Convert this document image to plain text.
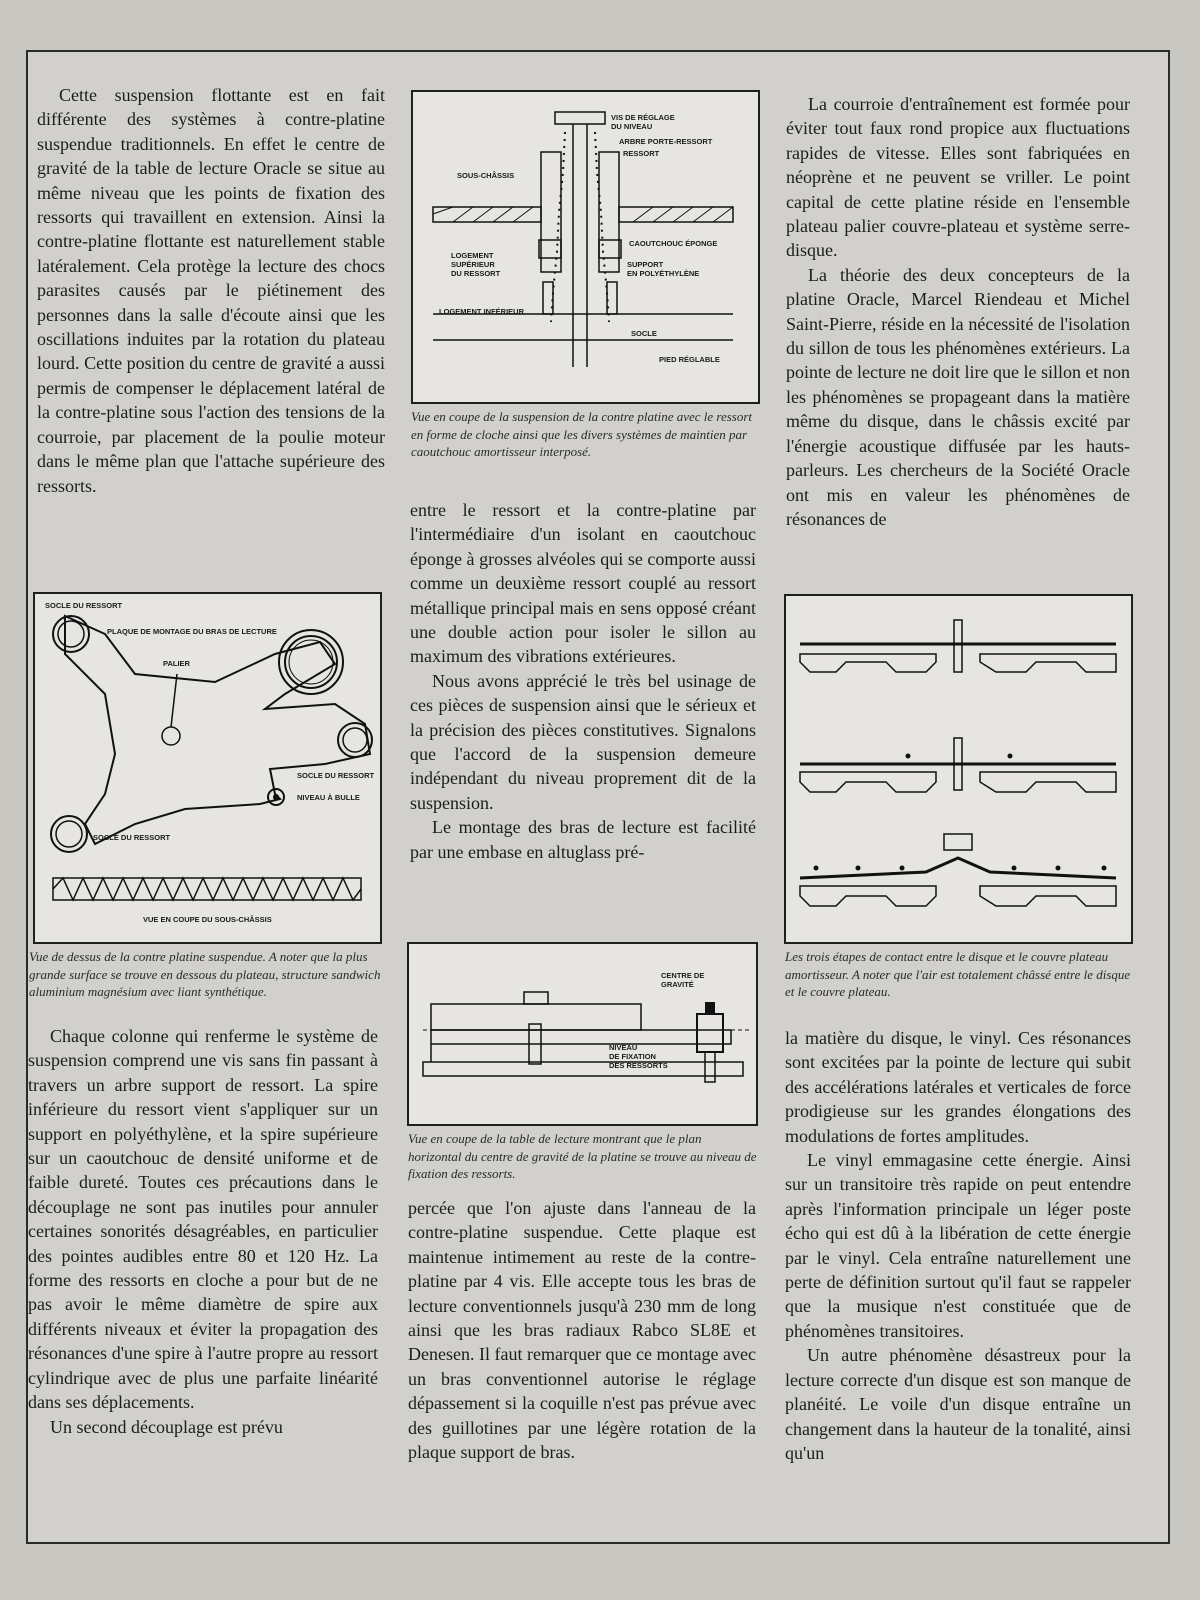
Cette suspension flottante est en fait différente des systèmes à contre-platine suspendue traditionnels. En effet le centre de gravité de la table de lecture Oracle se situe au même niveau que les points de fixation des ressorts qui travaillent en extension. Ainsi la contre-platine flottante est naturellement stable latéralement. Cela protège la lecture des chocs parasites causés par le piétinement des personnes dans la salle d'écoute ainsi que les oscillations induites par la rotation du plateau lourd. Cette position du centre de gravité a aussi permis de compenser le déplacement latéral de la contre-platine sous l'action des tensions de la courroie, par placement de la poulie moteur dans le même plan que l'attache supérieure des ressorts.

SOCLE DU RESSORT
PLAQUE DE MONTAGE DU BRAS DE LECTURE
PALIER
SOCLE DU RESSORT
NIVEAU À BULLE
SOCLE DU RESSORT
VUE EN COUPE DU SOUS-CHÂSSIS
Vue de dessus de la contre platine suspendue. A noter que la plus grande surface se trouve en dessous du plateau, structure sandwich aluminium magnésium avec liant synthétique.

Chaque colonne qui renferme le système de suspension comprend une vis sans fin passant à travers un arbre support de ressort. La spire inférieure du ressort vient s'appliquer sur un support en polyéthylène, et la spire supérieure sur un caoutchouc de densité uniforme et de faible dureté. Toutes ces précautions dans le découplage ne sont pas inutiles pour annuler certaines sonorités désagréables, en particulier des pointes audibles entre 80 et 120 Hz. La forme des ressorts en cloche a pour but de ne pas avoir le même diamètre de spire aux différents niveaux et éviter la propagation des résonances d'une spire à l'autre propre au ressort cylindrique avec de plus une parfaite linéarité dans ses déplacements.

Un second découplage est prévu

VIS DE RÉGLAGE
DU NIVEAU
ARBRE PORTE-RESSORT
RESSORT
SOUS-CHÂSSIS
CAOUTCHOUC ÉPONGE
LOGEMENT
SUPÉRIEUR
DU RESSORT
SUPPORT
EN POLYÉTHYLÈNE
LOGEMENT INFÉRIEUR
SOCLE
PIED RÉGLABLE
Vue en coupe de la suspension de la contre platine avec le ressort en forme de cloche ainsi que les divers systèmes de maintien par caoutchouc amortisseur interposé.

entre le ressort et la contre-platine par l'intermédiaire d'un isolant en caoutchouc éponge à grosses alvéoles qui se comporte aussi comme un deuxième ressort couplé au ressort métallique principal mais en sens opposé créant une double action pour isoler le sillon au maximum des vibrations extérieures.

Nous avons apprécié le très bel usinage de ces pièces de suspension ainsi que le sérieux et la précision des pièces constitutives. Signalons que l'accord de la suspension demeure indépendant du niveau proprement dit de la suspension.

Le montage des bras de lecture est facilité par une embase en altuglass pré-

CENTRE DE
GRAVITÉ
NIVEAU
DE FIXATION
DES RESSORTS
Vue en coupe de la table de lecture montrant que le plan horizontal du centre de gravité de la platine se trouve au niveau de fixation des ressorts.

percée que l'on ajuste dans l'anneau de la contre-platine suspendue. Cette plaque est maintenue intimement au reste de la contre-platine par 4 vis. Elle accepte tous les bras de lecture conventionnels jusqu'à 230 mm de long ainsi que les bras radiaux Rabco SL8E et Denesen. Il faut remarquer que ce montage avec un bras conventionnel autorise le réglage dépassement si la coquille n'est pas prévue avec des guillotines par une légère rotation de la plaque support de bras.

La courroie d'entraînement est formée pour éviter tout faux rond propice aux fluctuations rapides de vitesse. Elles sont fabriquées en néoprène et ne peuvent se vriller. Le point capital de cette platine réside en l'ensemble plateau palier couvre-plateau et système serre-disque.

La théorie des deux concepteurs de la platine Oracle, Marcel Riendeau et Michel Saint-Pierre, réside en la nécessité de l'isolation du sillon de tous les phénomènes extérieurs. La pointe de lecture ne doit lire que le sillon et non les phénomènes se propageant dans la matière même du disque, dans le châssis excité par l'énergie acoustique diffusée par les hauts-parleurs. Les chercheurs de la Société Oracle ont mis en valeur les phénomènes de résonances de

Les trois étapes de contact entre le disque et le couvre plateau amortisseur. A noter que l'air est totalement châssé entre le disque et le couvre plateau.

la matière du disque, le vinyl. Ces résonances sont excitées par la pointe de lecture qui subit des accélérations latérales et verticales de force prodigieuse sur les grandes élongations des modulations de fortes amplitudes.

Le vinyl emmagasine cette énergie. Ainsi sur un transitoire très rapide on peut entendre après l'information principale un léger poste écho qui est dû à la libération de cette énergie par le vinyl. Cela entraîne naturellement une perte de définition surtout qu'il faut se rappeler que la musique n'est constituée que de phénomènes transitoires.

Un autre phénomène désastreux pour la lecture correcte d'un disque est son manque de planéité. Le voile d'un disque entraîne un changement dans la hauteur de la tonalité, ainsi qu'un
